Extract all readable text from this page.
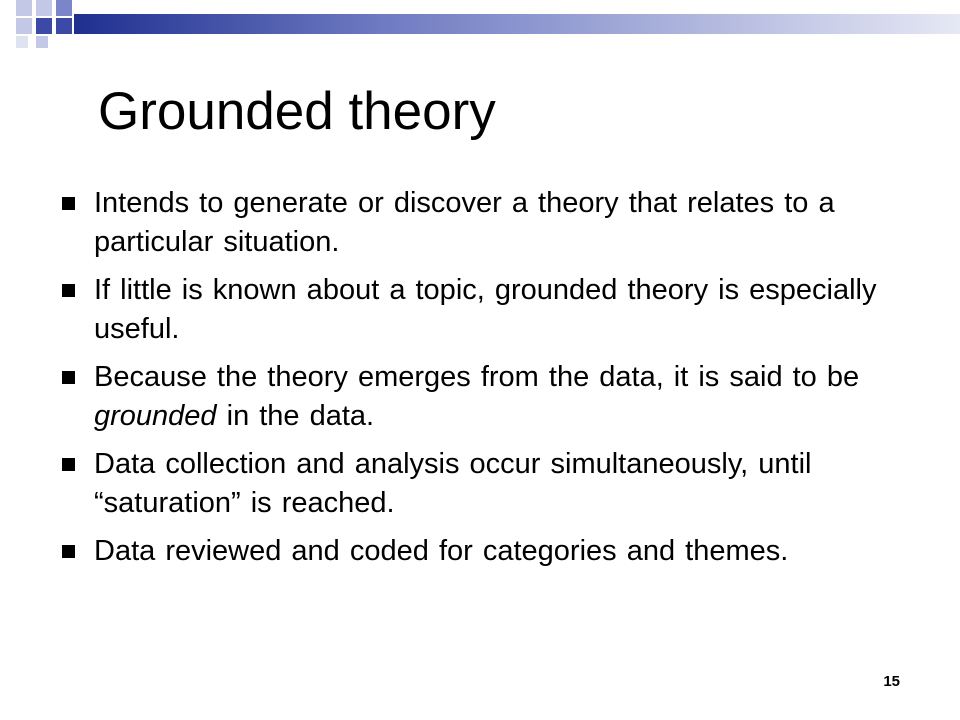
Grounded theory
Intends to generate or discover a theory that relates to a particular situation.
If little is known about a topic, grounded theory is especially useful.
Because the theory emerges from the data, it is said to be grounded in the data.
Data collection and analysis occur simultaneously, until “saturation” is reached.
Data reviewed and coded for categories and themes.
15
